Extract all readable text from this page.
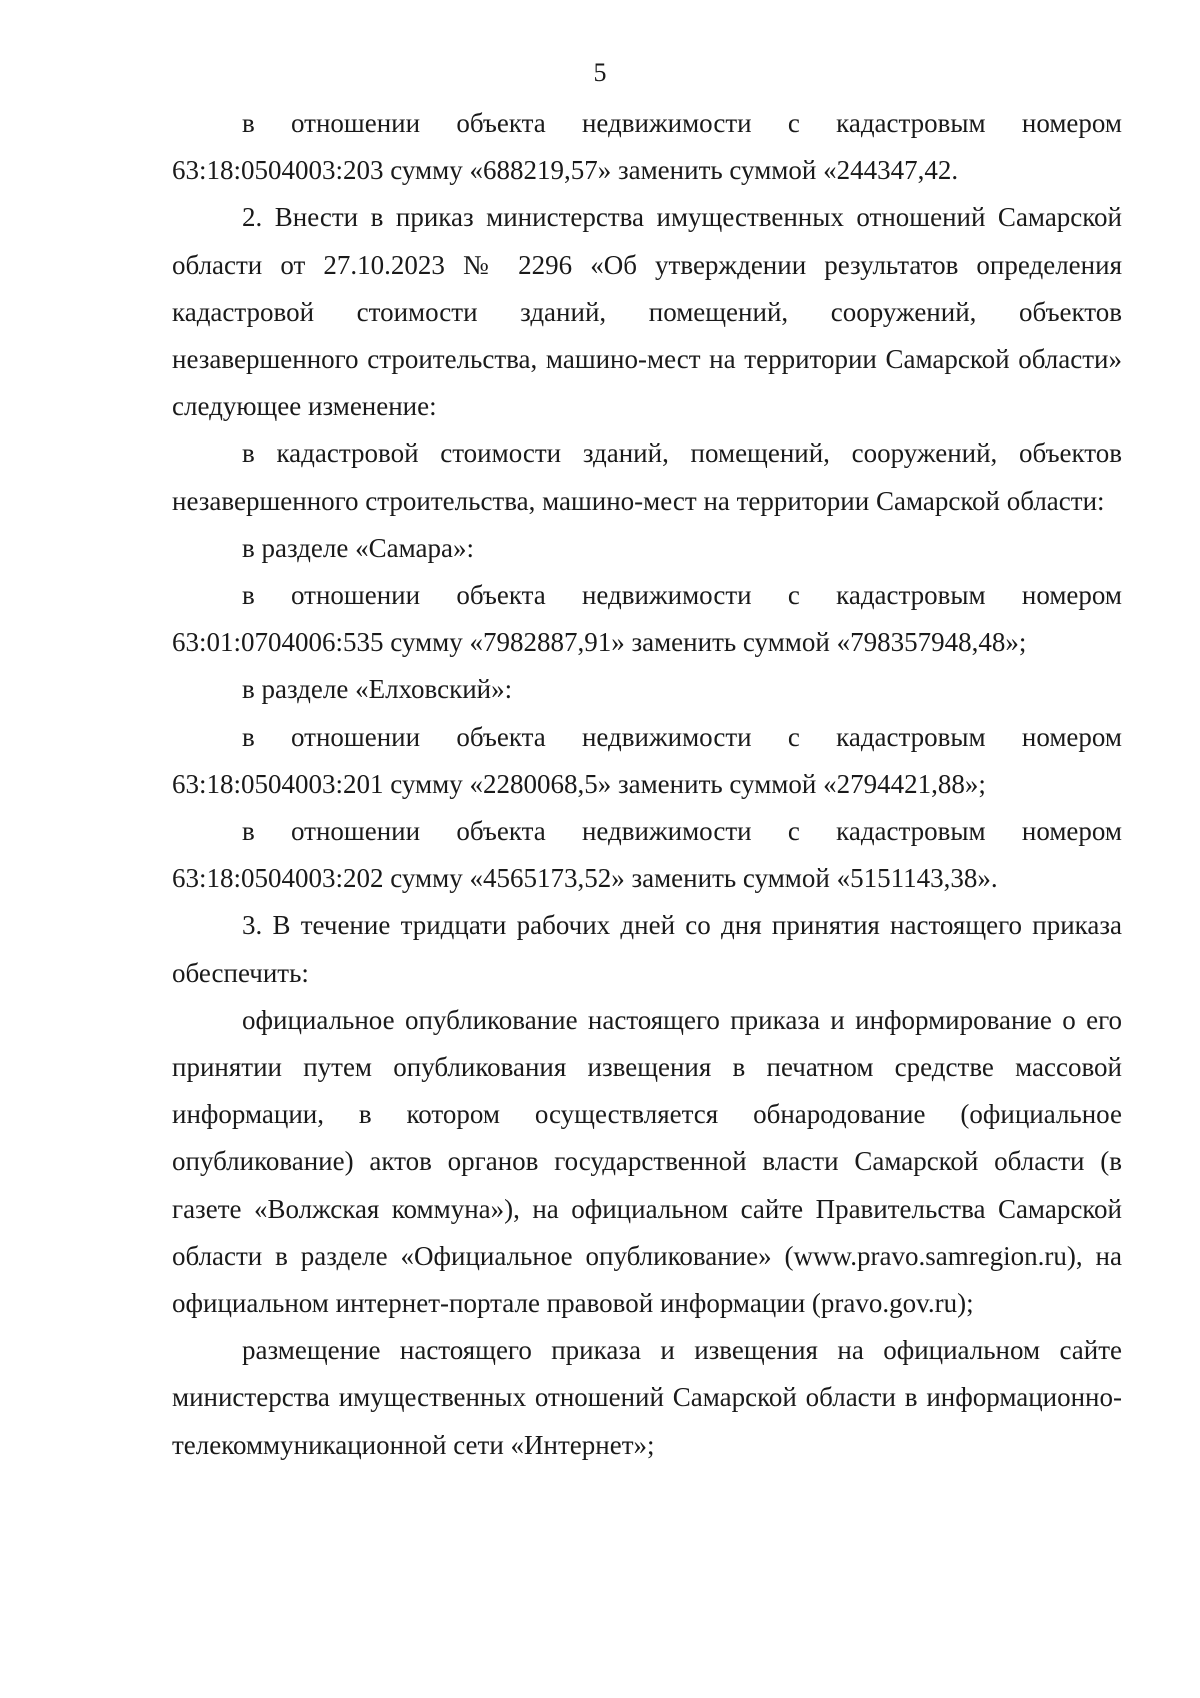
5

в отношении объекта недвижимости с кадастровым номером 63:18:0504003:203 сумму «688219,57» заменить суммой «244347,42.

2. Внести в приказ министерства имущественных отношений Самарской области от 27.10.2023 № 2296 «Об утверждении результатов определения кадастровой стоимости зданий, помещений, сооружений, объектов незавершенного строительства, машино-мест на территории Самарской области» следующее изменение:

в кадастровой стоимости зданий, помещений, сооружений, объектов незавершенного строительства, машино-мест на территории Самарской области:

в разделе «Самара»:

в отношении объекта недвижимости с кадастровым номером 63:01:0704006:535 сумму «7982887,91» заменить суммой «798357948,48»;

в разделе «Елховский»:

в отношении объекта недвижимости с кадастровым номером 63:18:0504003:201 сумму «2280068,5» заменить суммой «2794421,88»;

в отношении объекта недвижимости с кадастровым номером 63:18:0504003:202 сумму «4565173,52» заменить суммой «5151143,38».

3. В течение тридцати рабочих дней со дня принятия настоящего приказа обеспечить:

официальное опубликование настоящего приказа и информирование о его принятии путем опубликования извещения в печатном средстве массовой информации, в котором осуществляется обнародование (официальное опубликование) актов органов государственной власти Самарской области (в газете «Волжская коммуна»), на официальном сайте Правительства Самарской области в разделе «Официальное опубликование» (www.pravo.samregion.ru), на официальном интернет-портале правовой информации (pravo.gov.ru);

размещение настоящего приказа и извещения на официальном сайте министерства имущественных отношений Самарской области в информационно-телекоммуникационной сети «Интернет»;
